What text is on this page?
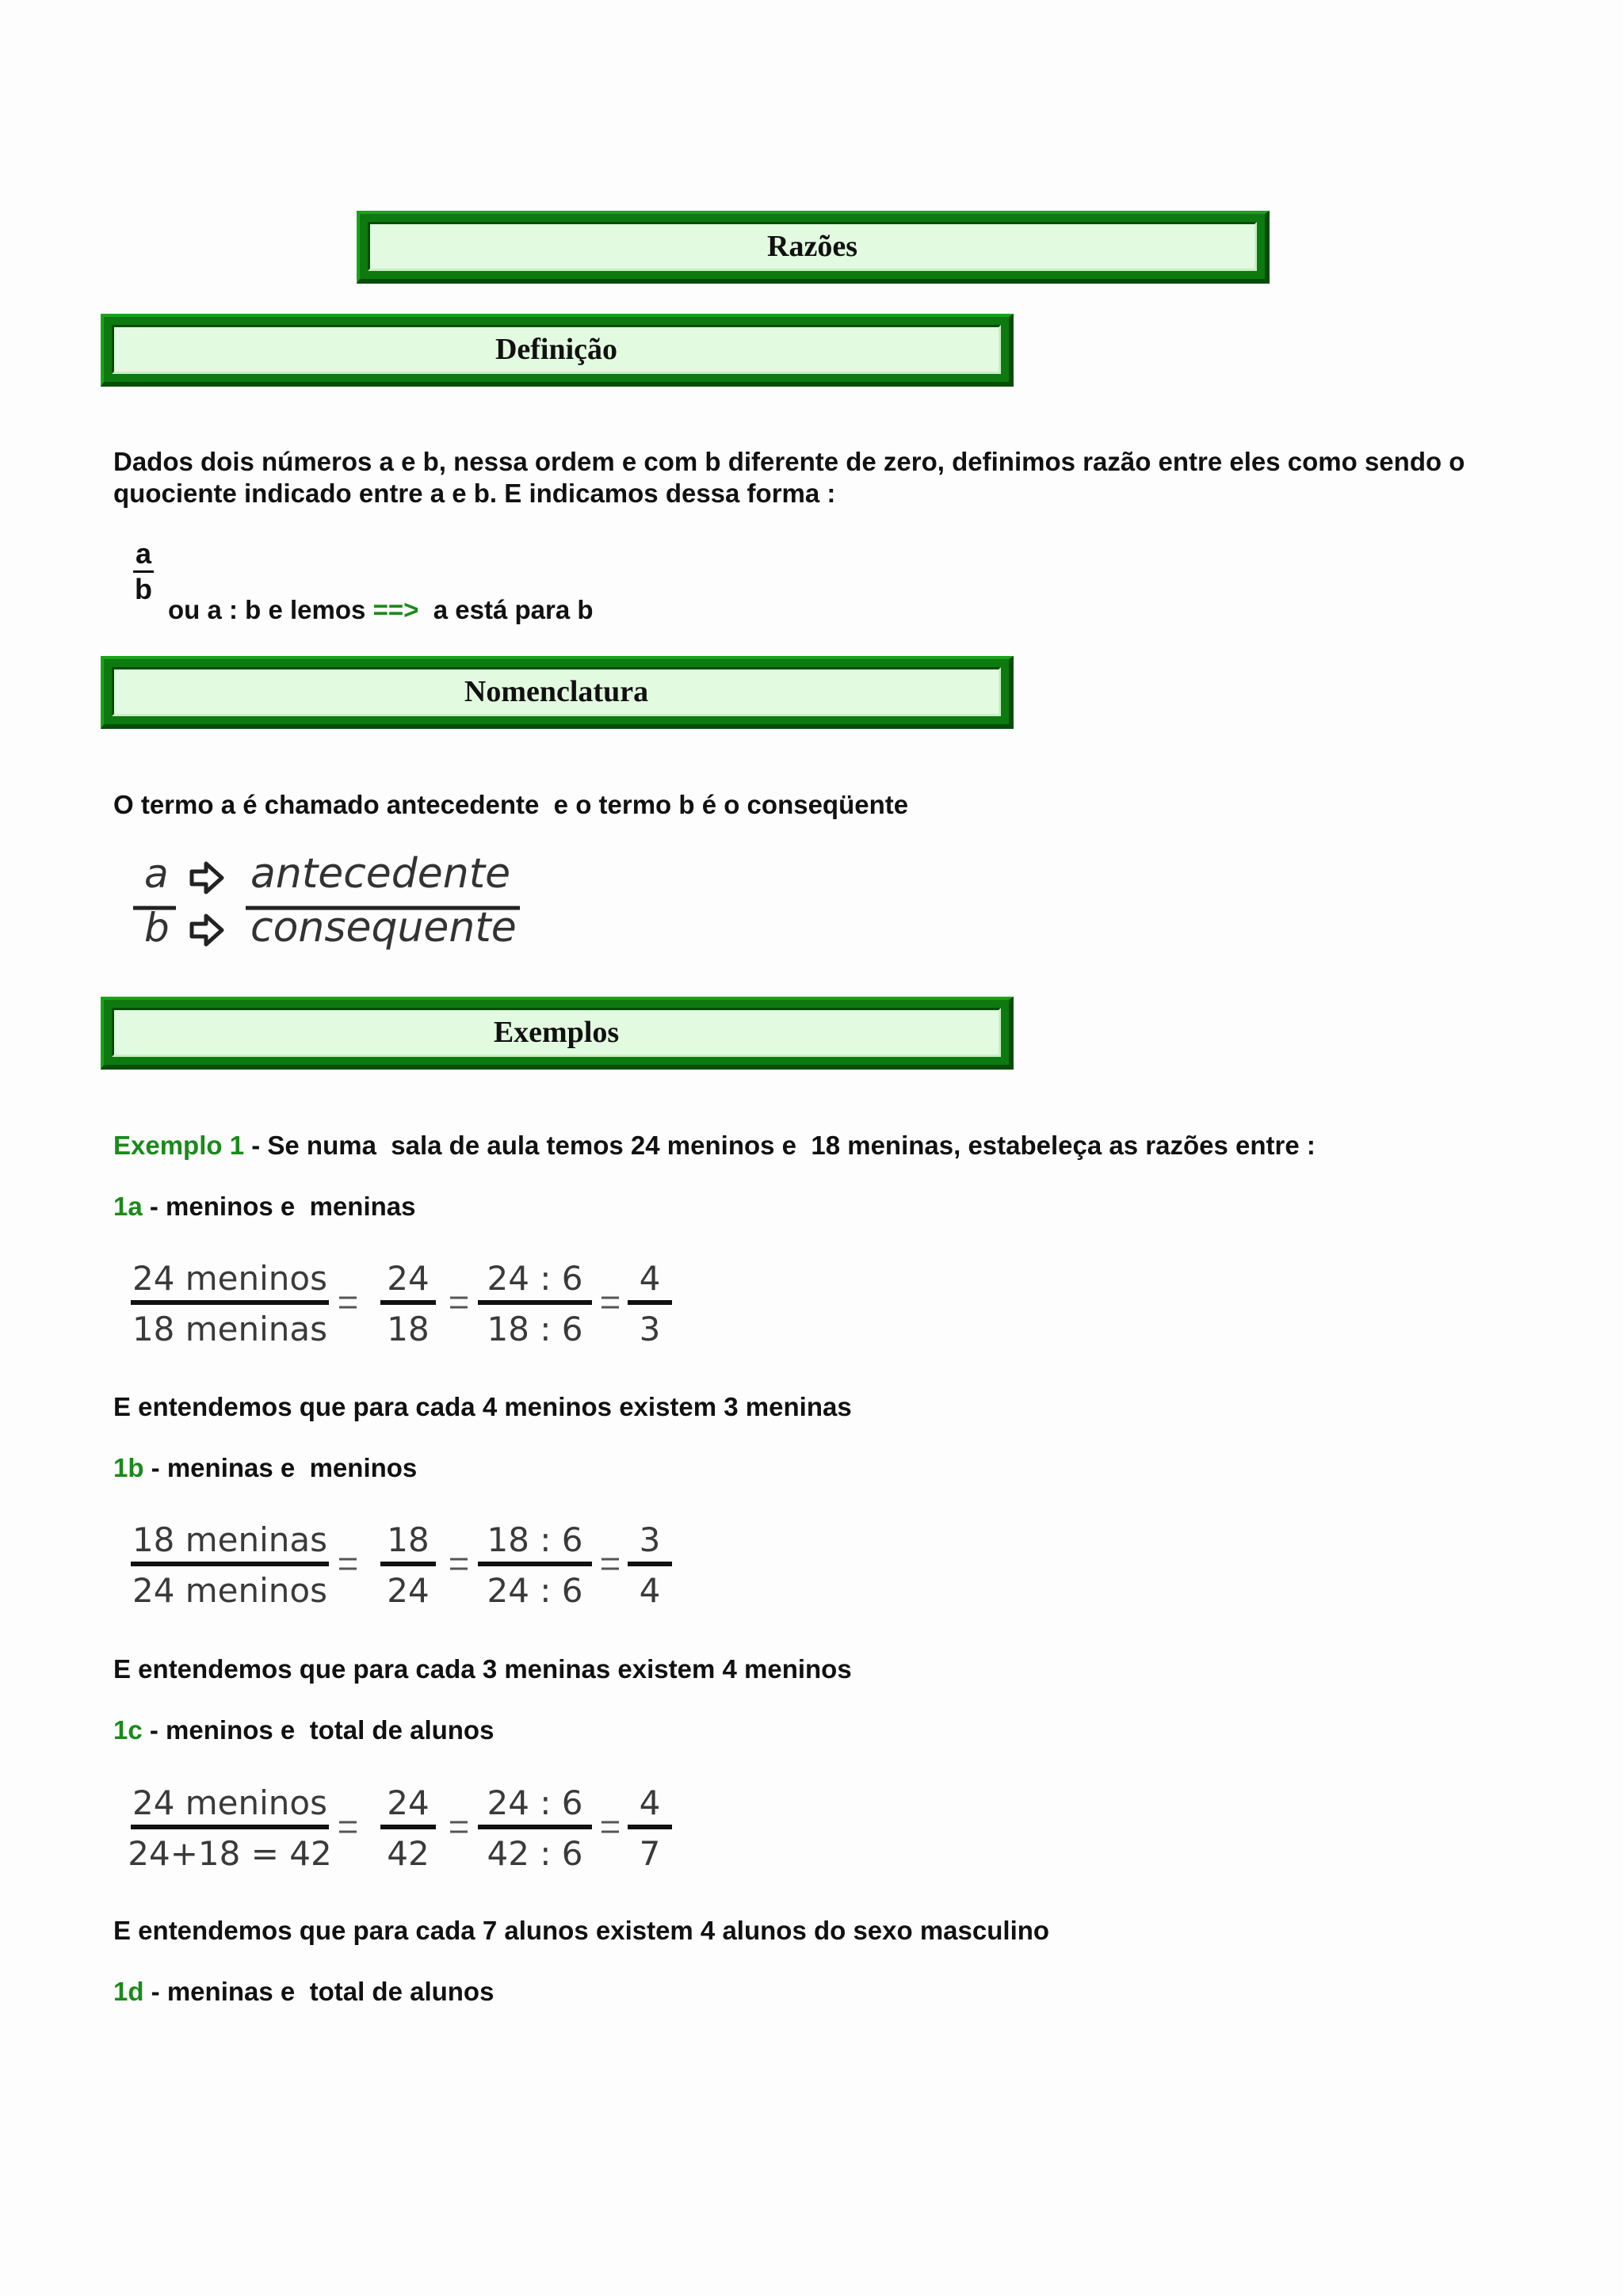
Razões
Definição
Dados dois números a e b, nessa ordem e com b diferente de zero, definimos razão entre eles como sendo o quociente indicado entre a e b. E indicamos dessa forma :
a
b
ou a : b e lemos ==>  a está para b
Nomenclatura
O termo a é chamado antecedente  e o termo b é o conseqüente
a
b
antecedente
consequente
Exemplos
Exemplo 1 - Se numa  sala de aula temos 24 meninos e  18 meninas, estabeleça as razões entre :
1a - meninos e  meninas
24 meninos
18 meninas
24
18
24 : 6
18 : 6
4
3
E entendemos que para cada 4 meninos existem 3 meninas
1b - meninas e  meninos
18 meninas
24 meninos
18
24
18 : 6
24 : 6
3
4
E entendemos que para cada 3 meninas existem 4 meninos
1c - meninos e  total de alunos
24 meninos
24+18 = 42
24
42
24 : 6
42 : 6
4
7
E entendemos que para cada 7 alunos existem 4 alunos do sexo masculino
1d - meninas e  total de alunos
